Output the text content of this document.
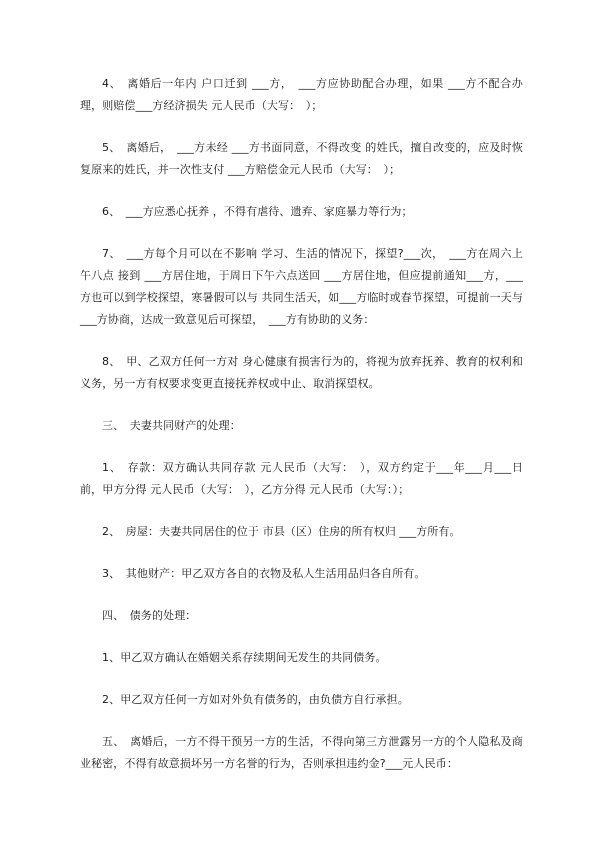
4、　离婚后一年内 户口迁到 ___方，　___方应协助配合办理，如果 ___方不配合办理，则赔偿___方经济损失 元人民币（大写：　）；

5、　离婚后，　___方未经 ___方书面同意，不得改变 的姓氏，擅自改变的，应及时恢复原来的姓氏，并一次性支付 ___方赔偿金元人民币（大写：　）；

6、　___方应悉心抚养 ，不得有虐待、遗弃、家庭暴力等行为；

7、　___方每个月可以在不影响 学习、生活的情况下，探望?___次，　___方在周六上午八点 接到 ___方居住地，于周日下午六点送回 ___方居住地，但应提前通知___方，___方也可以到学校探望，寒暑假可以与 共同生活天，如___方临时或春节探望，可提前一天与 ___方协商，达成一致意见后可探望，　___方有协助的义务：

8、　甲、乙双方任何一方对 身心健康有损害行为的，将视为放弃抚养、教育的权利和义务，另一方有权要求变更直接抚养权或中止、取消探望权。

三、　夫妻共同财产的处理：

1、　存款：双方确认共同存款 元人民币（大写：　），双方约定于___年___月___日前，甲方分得 元人民币（大写：　），乙方分得 元人民币（大写：）；

2、　房屋：夫妻共同居住的位于 市县（区）住房的所有权归 ___方所有。

3、　其他财产：甲乙双方各自的衣物及私人生活用品归各自所有。

四、　债务的处理：

1、甲乙双方确认在婚姻关系存续期间无发生的共同债务。

2、甲乙双方任何一方如对外负有债务的，由负债方自行承担。

五、　离婚后，一方不得干预另一方的生活，不得向第三方泄露另一方的个人隐私及商业秘密，不得有故意损坏另一方名誉的行为，否则承担违约金?___元人民币：
